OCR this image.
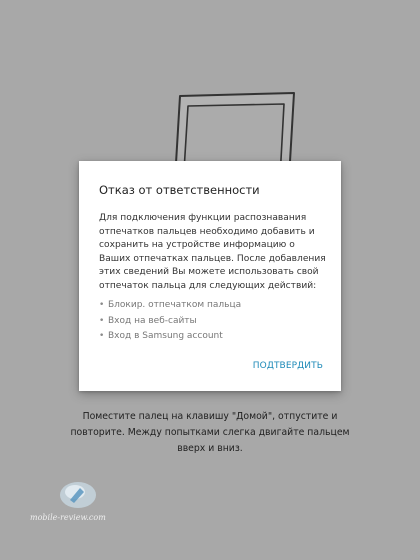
Отказ от ответственности

Для подключения функции распознавания отпечатков пальцев необходимо добавить и сохранить на устройстве информацию о Ваших отпечатках пальцев. После добавления этих сведений Вы можете использовать свой отпечаток пальца для следующих действий:

• Блокир. отпечатком пальца
• Вход на веб-сайты
• Вход в Samsung account
ПОДТВЕРДИТЬ

Поместите палец на клавишу "Домой", отпустите и повторите. Между попытками слегка двигайте пальцем вверх и вниз.

mobile-review.com
